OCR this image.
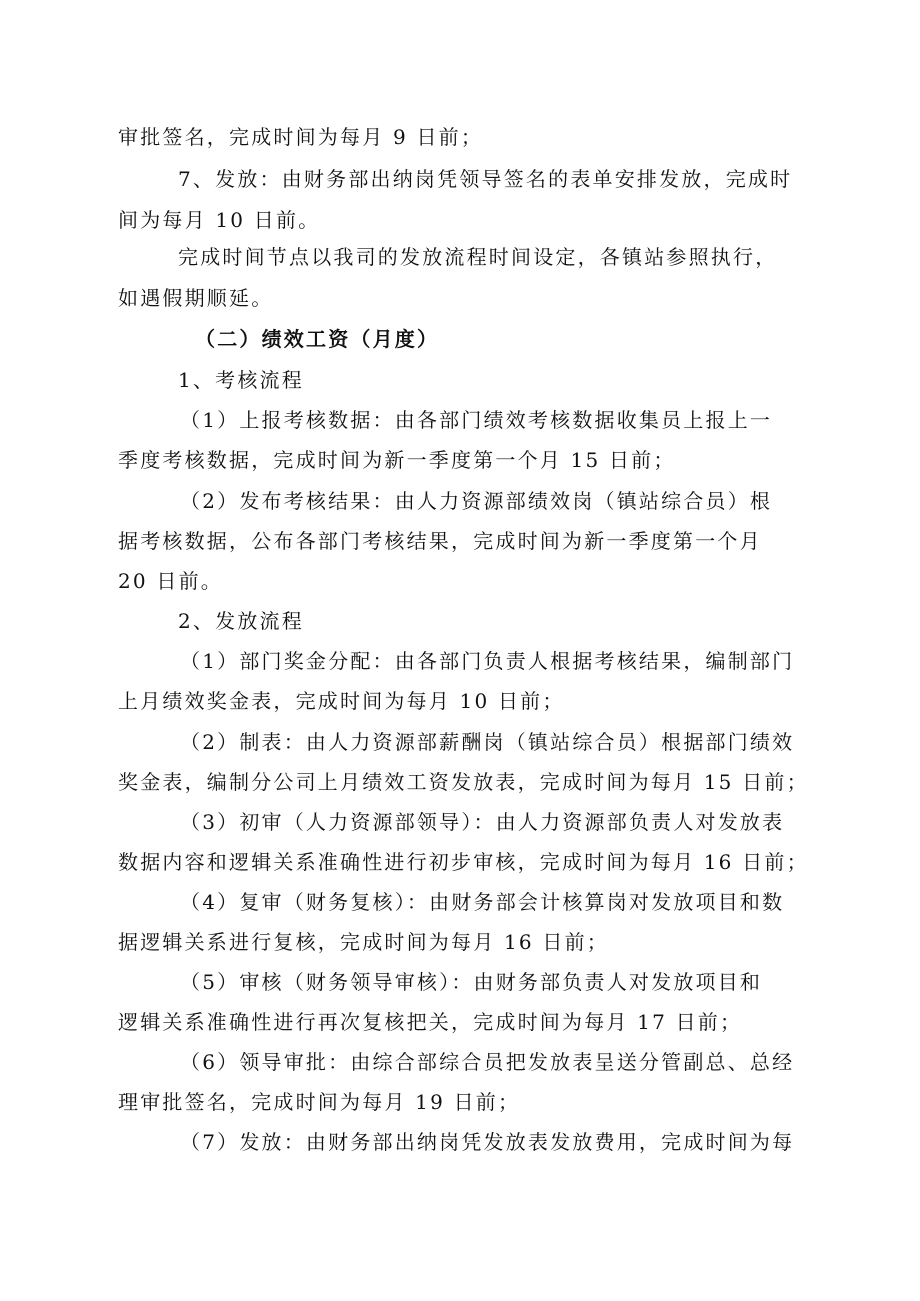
审批签名，完成时间为每月 9 日前；
7、发放：由财务部出纳岗凭领导签名的表单安排发放，完成时
间为每月 10 日前。
完成时间节点以我司的发放流程时间设定，各镇站参照执行，
如遇假期顺延。
（二）绩效工资（月度）
1、考核流程
（1）上报考核数据：由各部门绩效考核数据收集员上报上一
季度考核数据，完成时间为新一季度第一个月 15 日前；
（2）发布考核结果：由人力资源部绩效岗（镇站综合员）根
据考核数据，公布各部门考核结果，完成时间为新一季度第一个月
20 日前。
2、发放流程
（1）部门奖金分配：由各部门负责人根据考核结果，编制部门
上月绩效奖金表，完成时间为每月 10 日前；
（2）制表：由人力资源部薪酬岗（镇站综合员）根据部门绩效
奖金表，编制分公司上月绩效工资发放表，完成时间为每月 15 日前；
（3）初审（人力资源部领导）：由人力资源部负责人对发放表
数据内容和逻辑关系准确性进行初步审核，完成时间为每月 16 日前；
（4）复审（财务复核）：由财务部会计核算岗对发放项目和数
据逻辑关系进行复核，完成时间为每月 16 日前；
（5）审核（财务领导审核）：由财务部负责人对发放项目和
逻辑关系准确性进行再次复核把关，完成时间为每月 17 日前；
（6）领导审批：由综合部综合员把发放表呈送分管副总、总经
理审批签名，完成时间为每月 19 日前；
（7）发放：由财务部出纳岗凭发放表发放费用，完成时间为每
